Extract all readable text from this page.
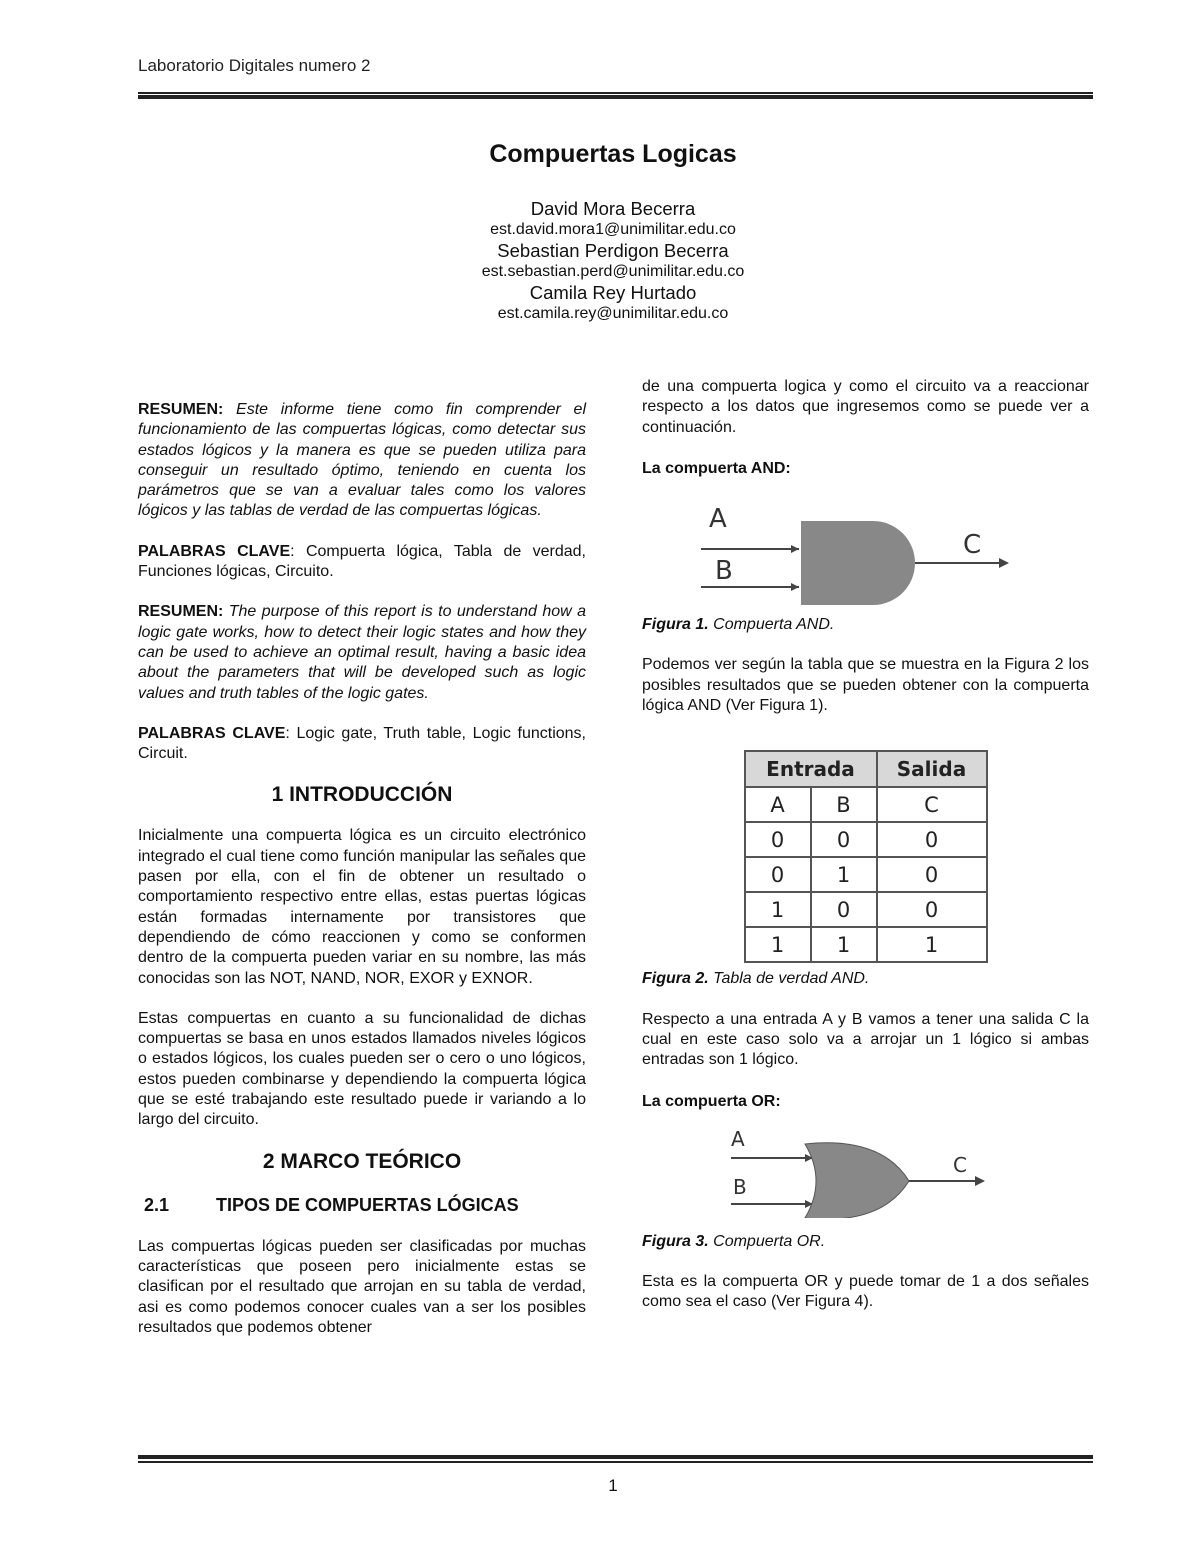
Laboratorio Digitales numero 2
Compuertas Logicas
David Mora Becerra
est.david.mora1@unimilitar.edu.co
Sebastian Perdigon Becerra
est.sebastian.perd@unimilitar.edu.co
Camila Rey Hurtado
est.camila.rey@unimilitar.edu.co

RESUMEN: Este informe tiene como fin comprender el funcionamiento de las compuertas lógicas, como detectar sus estados lógicos y la manera es que se pueden utiliza para conseguir un resultado óptimo, teniendo en cuenta los parámetros que se van a evaluar tales como los valores lógicos y las tablas de verdad de las compuertas lógicas.

PALABRAS CLAVE: Compuerta lógica, Tabla de verdad, Funciones lógicas, Circuito.

RESUMEN: The purpose of this report is to understand how a logic gate works, how to detect their logic states and how they can be used to achieve an optimal result, having a basic idea about the parameters that will be developed such as logic values and truth tables of the logic gates.

PALABRAS CLAVE: Logic gate, Truth table, Logic functions, Circuit.

1 INTRODUCCIÓN

Inicialmente una compuerta lógica es un circuito electrónico integrado el cual tiene como función manipular las señales que pasen por ella, con el fin de obtener un resultado o comportamiento respectivo entre ellas, estas puertas lógicas están formadas internamente por transistores que dependiendo de cómo reaccionen y como se conformen dentro de la compuerta pueden variar en su nombre, las más conocidas son las NOT, NAND, NOR, EXOR y EXNOR.

Estas compuertas en cuanto a su funcionalidad de dichas compuertas se basa en unos estados llamados niveles lógicos o estados lógicos, los cuales pueden ser o cero o uno lógicos, estos pueden combinarse y dependiendo la compuerta lógica que se esté trabajando este resultado puede ir variando a lo largo del circuito.

2 MARCO TEÓRICO
2.1	TIPOS DE COMPUERTAS LÓGICAS

Las compuertas lógicas pueden ser clasificadas por muchas características que poseen pero inicialmente estas se clasifican por el resultado que arrojan en su tabla de verdad, asi es como podemos conocer cuales van a ser los posibles resultados que podemos obtener

de una compuerta logica y como el circuito va a reaccionar respecto a los datos que ingresemos como se puede ver a continuación.

La compuerta AND:

A
B
C

Figura 1. Compuerta AND.

Podemos ver según la tabla que se muestra en la Figura 2 los posibles resultados que se pueden obtener con la compuerta lógica AND (Ver Figura 1).

Entrada		Salida
A	B	C
0	0	0
0	1	0
1	0	0
1	1	1

Figura 2. Tabla de verdad AND.

Respecto a una entrada A y B vamos a tener una salida C la cual en este caso solo va a arrojar un 1 lógico si ambas entradas son 1 lógico.

La compuerta OR:

A
B
C

Figura 3. Compuerta OR.

Esta es la compuerta OR y puede tomar de 1 a dos señales como sea el caso (Ver Figura 4).

1
